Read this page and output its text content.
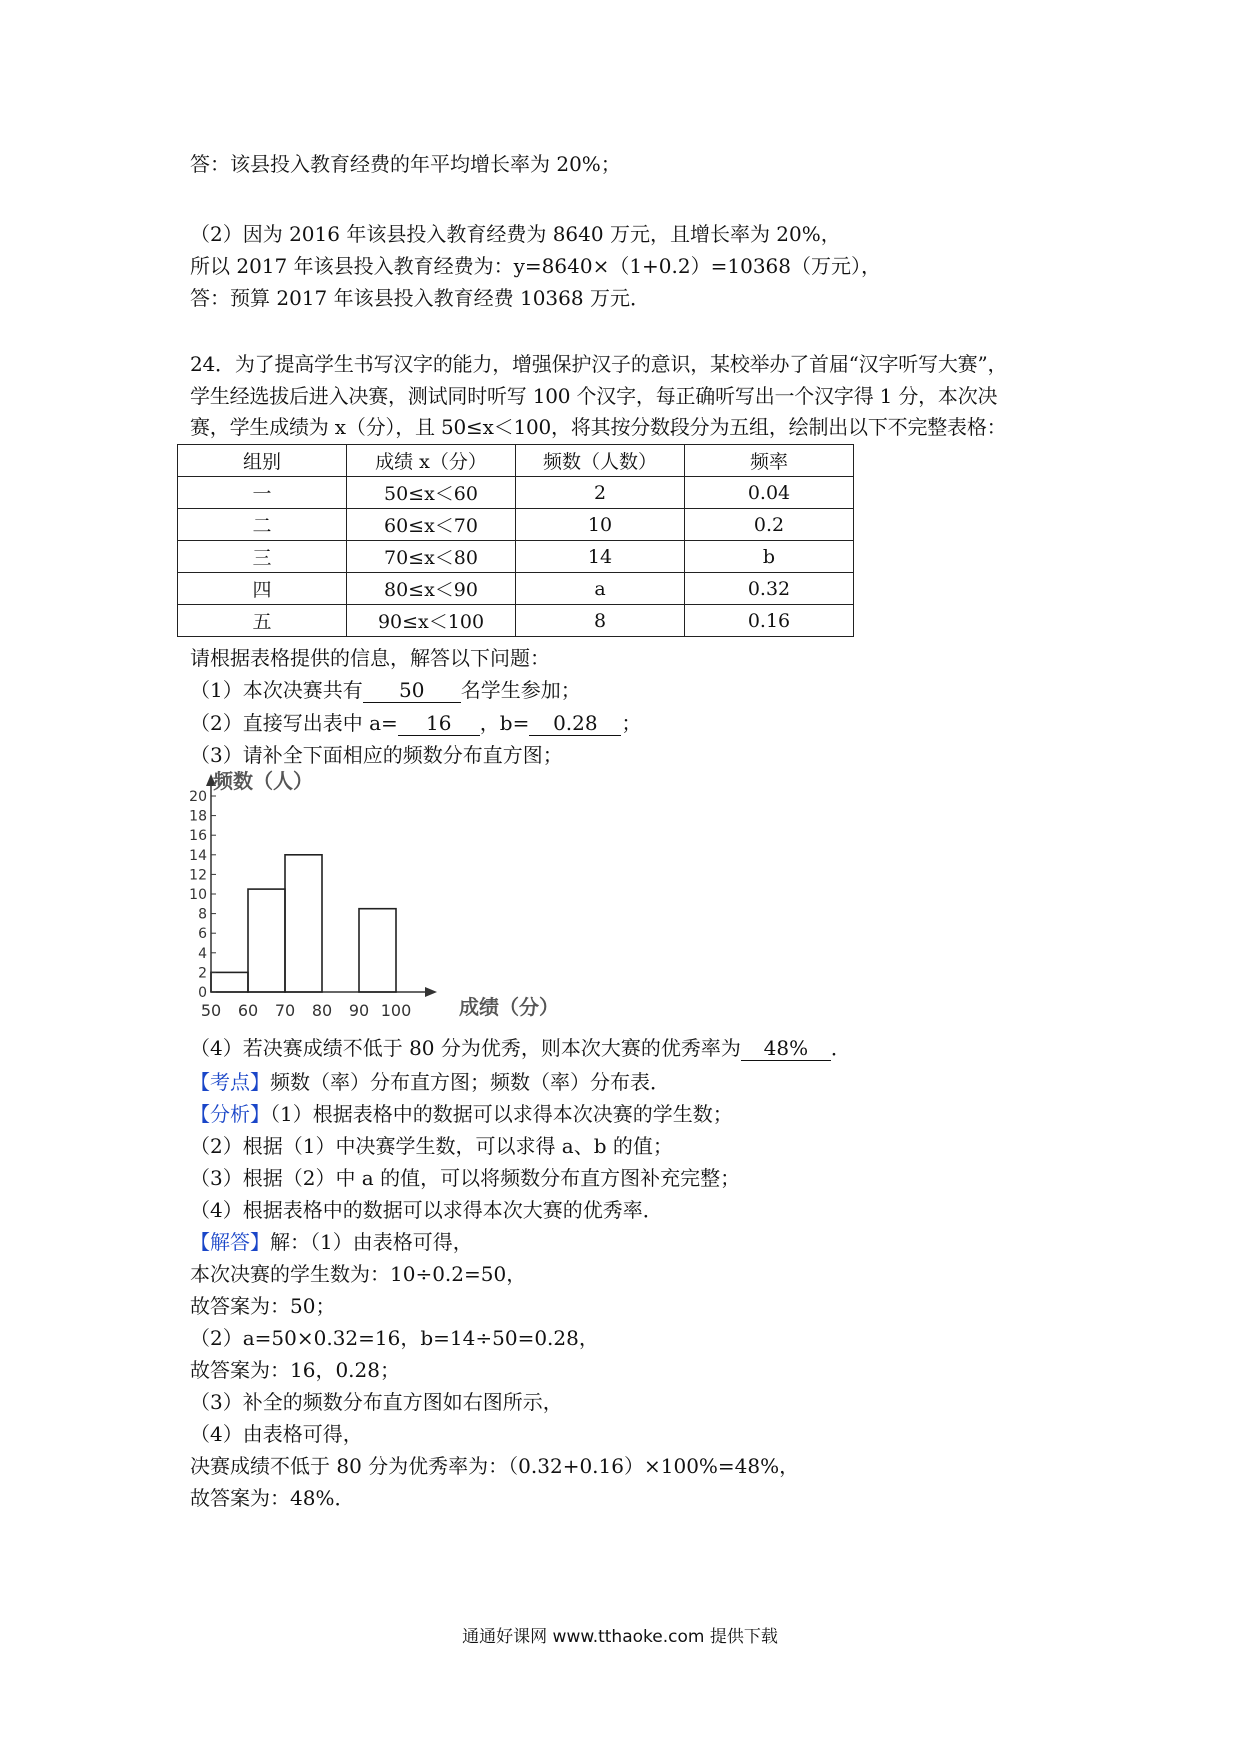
答：该县投入教育经费的年平均增长率为 20%；
（2）因为 2016 年该县投入教育经费为 8640 万元，且增长率为 20%，
所以 2017 年该县投入教育经费为：y=8640×（1+0.2）=10368（万元），
答：预算 2017 年该县投入教育经费 10368 万元．
24．为了提高学生书写汉字的能力，增强保护汉子的意识，某校举办了首届“汉字听写大赛”，
学生经选拔后进入决赛，测试同时听写 100 个汉字，每正确听写出一个汉字得 1 分，本次决
赛，学生成绩为 x（分），且 50≤x＜100，将其按分数段分为五组，绘制出以下不完整表格：
组别	成绩 x（分）	频数（人数）	频率
一	50≤x＜60	2	0.04
二	60≤x＜70	10	0.2
三	70≤x＜80	14	b
四	80≤x＜90	a	0.32
五	90≤x＜100	8	0.16
请根据表格提供的信息，解答以下问题：
（1）本次决赛共有 50 名学生参加；
（2）直接写出表中 a= 16 ，b= 0.28 ；
（3）请补全下面相应的频数分布直方图；
0
2
4
6
8
10
12
14
16
18
20
50 60 70 80 90 100
频数（人）
成绩（分）
（4）若决赛成绩不低于 80 分为优秀，则本次大赛的优秀率为 48% ．
【考点】频数（率）分布直方图；频数（率）分布表．
【分析】（1）根据表格中的数据可以求得本次决赛的学生数；
（2）根据（1）中决赛学生数，可以求得 a、b 的值；
（3）根据（2）中 a 的值，可以将频数分布直方图补充完整；
（4）根据表格中的数据可以求得本次大赛的优秀率．
【解答】解：（1）由表格可得，
本次决赛的学生数为：10÷0.2=50，
故答案为：50；
（2）a=50×0.32=16，b=14÷50=0.28，
故答案为：16，0.28；
（3）补全的频数分布直方图如右图所示，
（4）由表格可得，
决赛成绩不低于 80 分为优秀率为：（0.32+0.16）×100%=48%，
故答案为：48%．
通通好课网 www.tthaoke.com 提供下载
